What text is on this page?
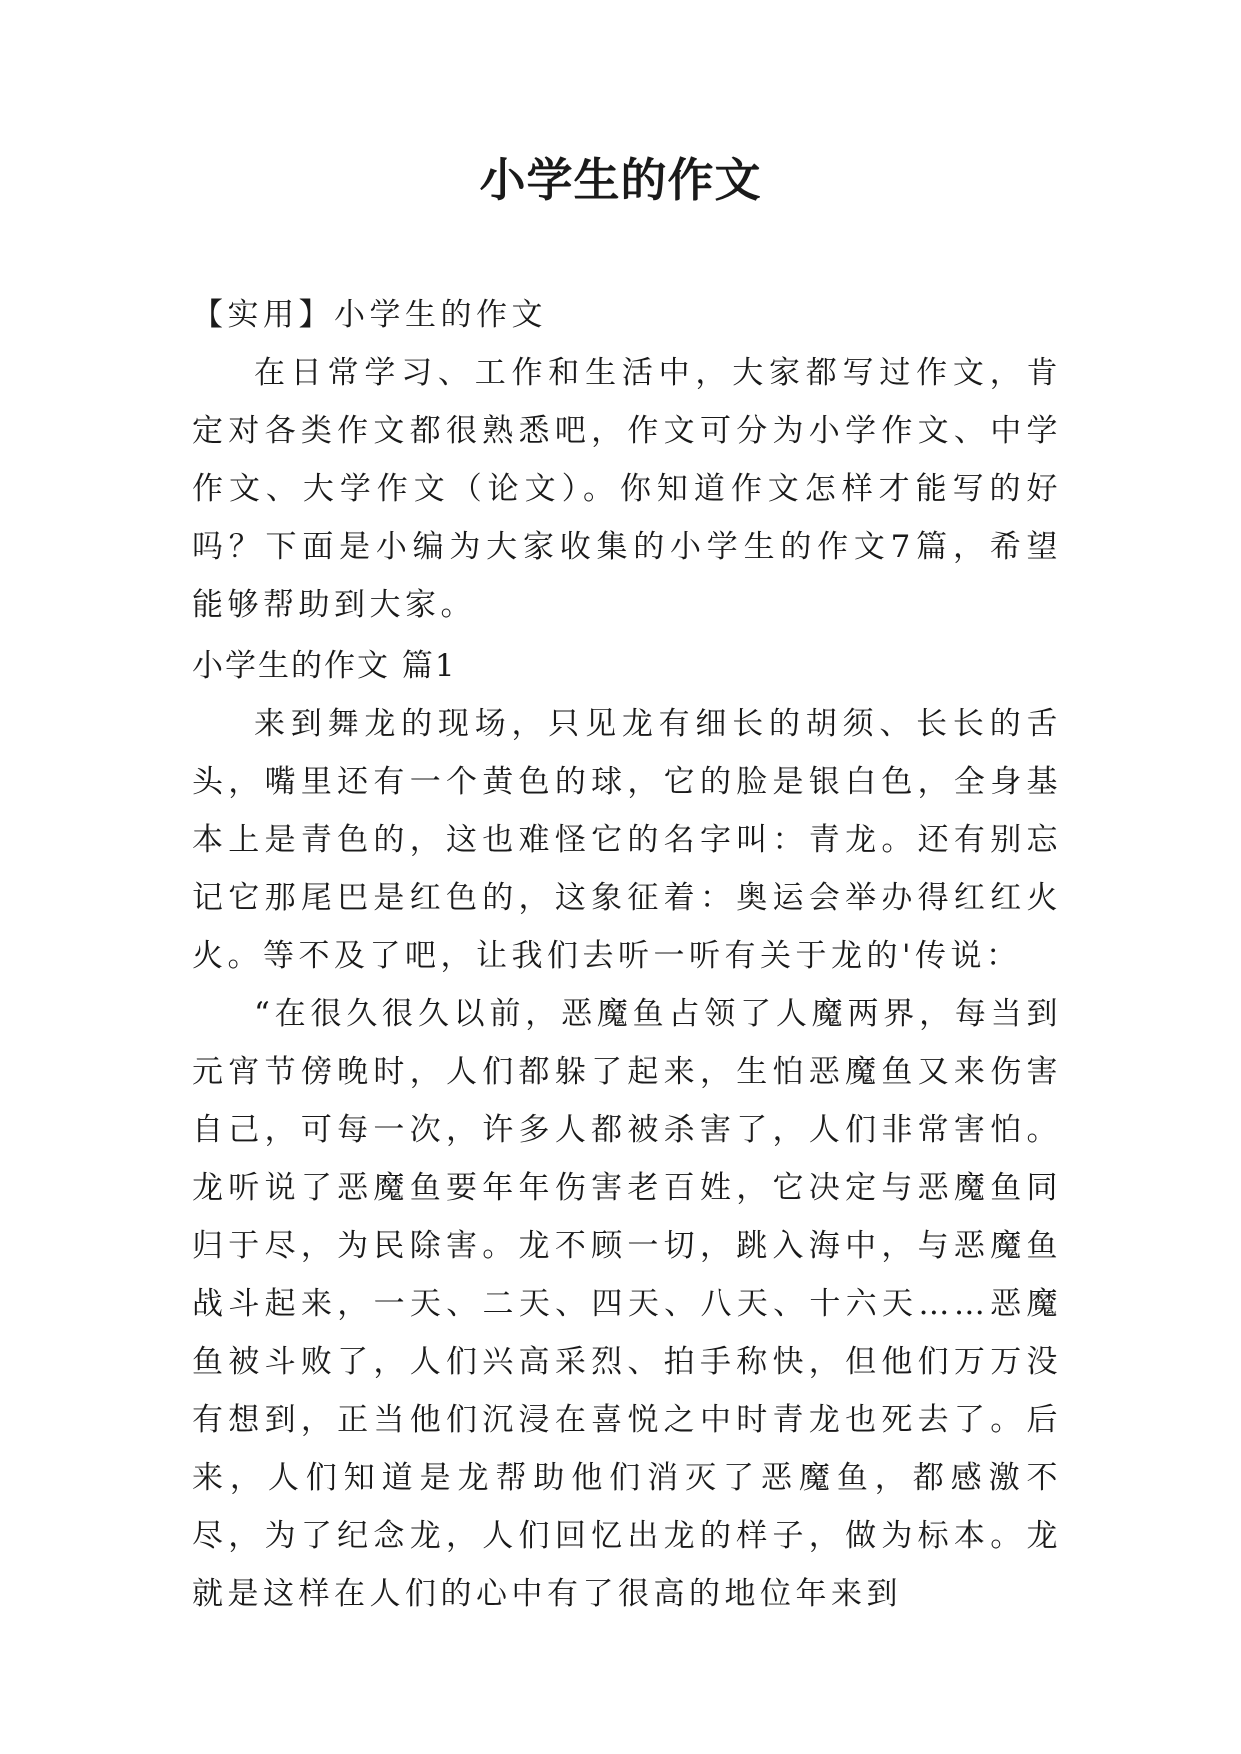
小学生的作文
【实用】小学生的作文

在日常学习、工作和生活中，大家都写过作文，肯定对各类作文都很熟悉吧，作文可分为小学作文、中学作文、大学作文（论文）。你知道作文怎样才能写的好吗？下面是小编为大家收集的小学生的作文7篇，希望能够帮助到大家。

小学生的作文 篇1

来到舞龙的现场，只见龙有细长的胡须、长长的舌头，嘴里还有一个黄色的球，它的脸是银白色，全身基本上是青色的，这也难怪它的名字叫：青龙。还有别忘记它那尾巴是红色的，这象征着：奥运会举办得红红火火。等不及了吧，让我们去听一听有关于龙的'传说：

“在很久很久以前，恶魔鱼占领了人魔两界，每当到元宵节傍晚时，人们都躲了起来，生怕恶魔鱼又来伤害自己，可每一次，许多人都被杀害了，人们非常害怕。龙听说了恶魔鱼要年年伤害老百姓，它决定与恶魔鱼同归于尽，为民除害。龙不顾一切，跳入海中，与恶魔鱼战斗起来，一天、二天、四天、八天、十六天……恶魔鱼被斗败了，人们兴高采烈、拍手称快，但他们万万没有想到，正当他们沉浸在喜悦之中时青龙也死去了。后来，人们知道是龙帮助他们消灭了恶魔鱼，都感激不尽，为了纪念龙，人们回忆出龙的样子，做为标本。龙就是这样在人们的心中有了很高的地位年来到
